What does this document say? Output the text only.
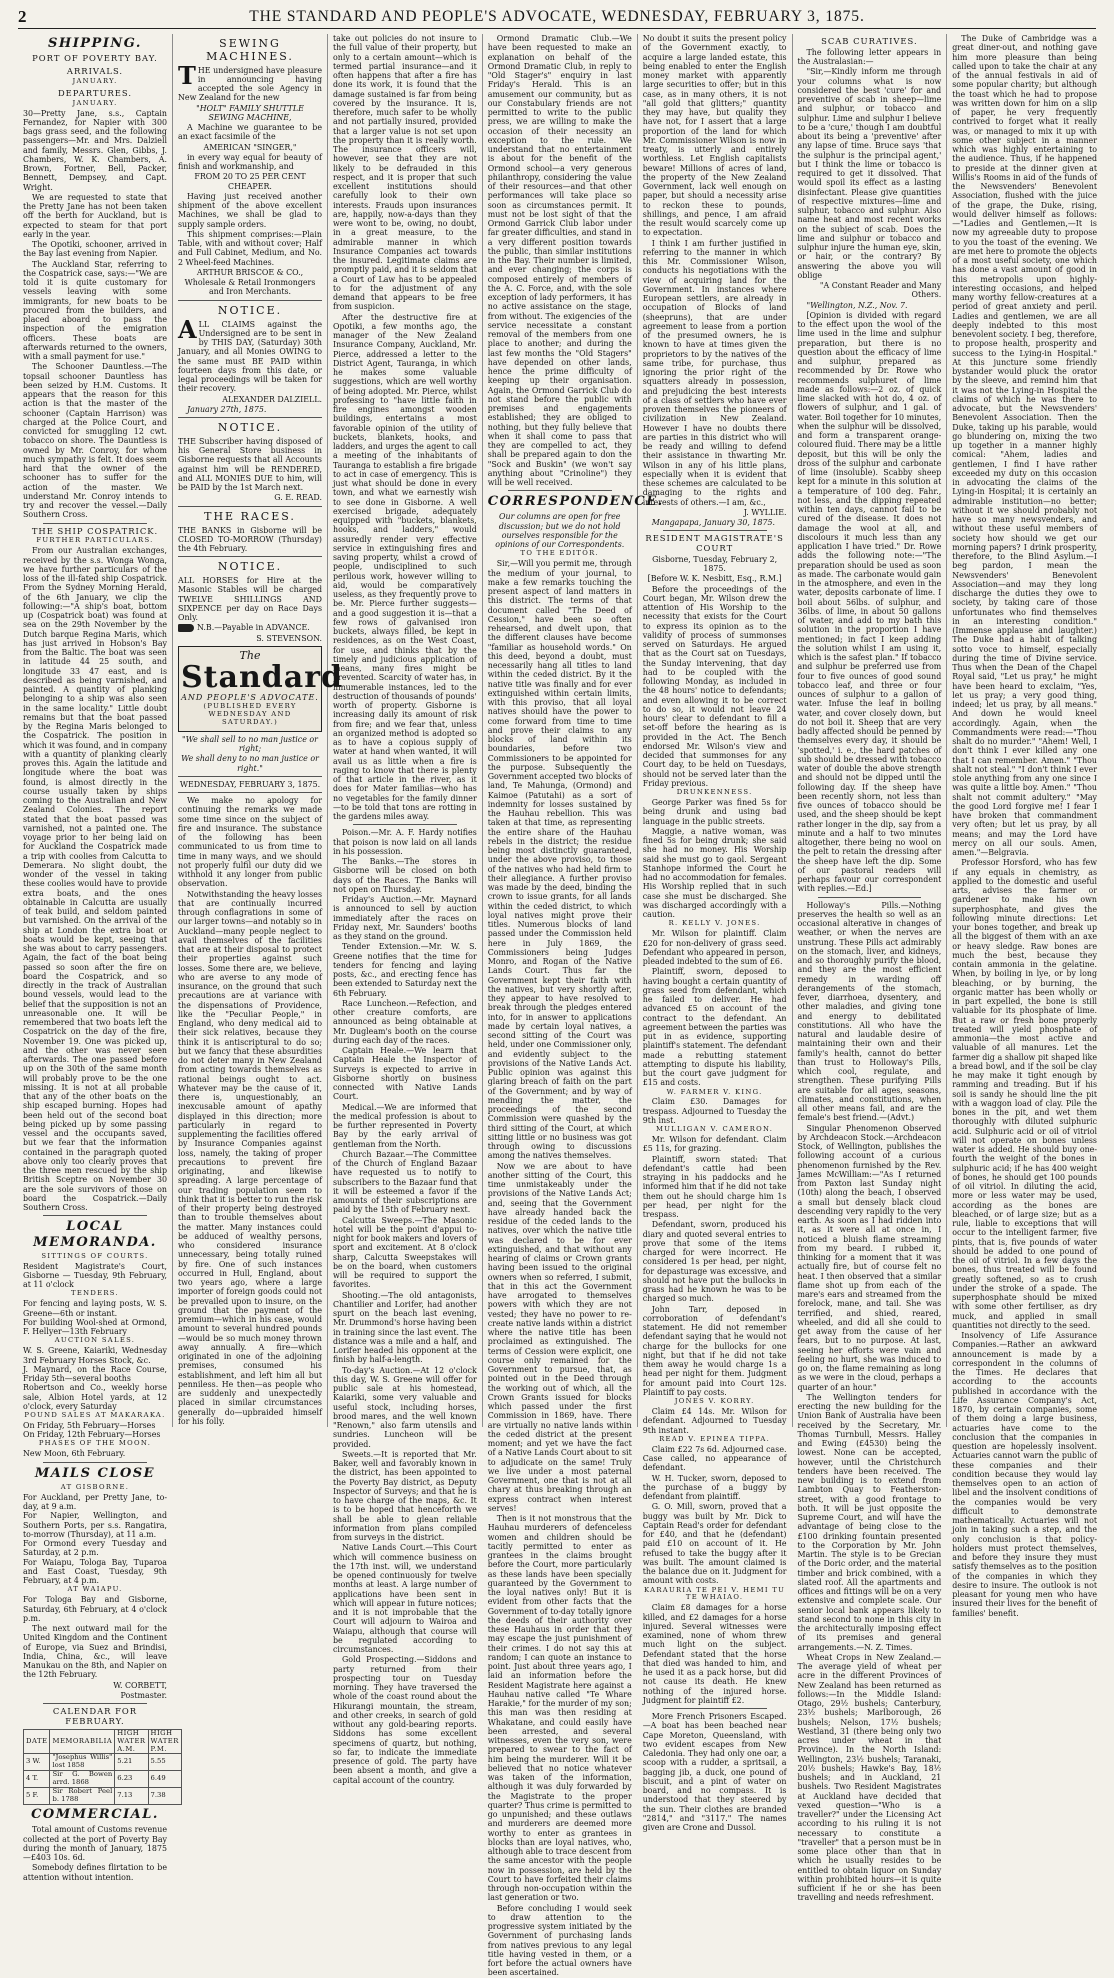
2	THE STANDARD AND PEOPLE'S ADVOCATE, WEDNESDAY, FEBRUARY 3, 1875.
SHIPPING.
PORT OF POVERTY BAY.
ARRIVALS.
JANUARY.
DEPARTURES.
JANUARY.

30—Pretty Jane, s.s., Captain Fernandez, for Napier with 300 bags grass seed, and the following passengers—Mr. and Mrs. Dalziell and family, Messrs. Glen, Gibbs, J. Chambers, W. K. Chambers, A. Brown, Fortner, Bell, Packer, Bennett, Dempsey, and Capt. Wright.

We are requested to state that the Pretty Jane has not been taken off the berth for Auckland, but is expected to steam for that port early in the year.

The Opotiki, schooner, arrived in the Bay last evening from Napier.

The Auckland Star, referring to the Cospatrick case, says:—"We are told it is quite customary for vessels leaving with some immigrants, for new boats to be procured from the builders, and placed aboard to pass the inspection of the emigration officers. These boats are afterwards returned to the owners, with a small payment for use."

The Schooner Dauntless.—The topsail schooner Dauntless has been seized by H.M. Customs. It appears that the reason for this action is that the master of the schooner (Captain Harrison) was charged at the Police Court, and convicted for smuggling 12 cwt. tobacco on shore. The Dauntless is owned by Mr. Conroy, for whom much sympathy is felt. It does seem hard that the owner of the schooner has to suffer for the action of the master. We understand Mr. Conroy intends to try and recover the vessel.—Daily Southern Cross.

THE SHIP COSPATRICK.
FURTHER PARTICULARS.

From our Australian exchanges, received by the s.s. Wonga Wonga, we have further particulars of the loss of the ill-fated ship Cospatrick. From the Sydney Morning Herald, of the 6th January, we clip the following:—"A ship's boat, bottom up (Cospatrick boat) was found at sea on the 29th November by the Dutch barque Regina Maris, which has just arrived in Hobson's Bay from the Baltic. The boat was seen in latitude 44 25 south, and longitude 33 47 east, and is described as being varnished, and painted. A quantity of planking belonging to a ship was also seen in the same locality." Little doubt remains but that the boat passed by the Regina Maris belonged to the Cospatrick. The position in which it was found, and in company with a quantity of planking clearly proves this. Again the latitude and longitude where the boat was found, is almost directly in the course usually taken by ships coming to the Australian and New Zealand Colonies. The report stated that the boat passed was varnished, not a painted one. The voyage prior to her being laid on for Auckland the Cospatrick made a trip with coolies from Calcutta to Demerara. No slight doubt, the wonder of the vessel in taking these coolies would have to provide extra boats, and the ones obtainable in Calcutta are usually of teak build, and seldom painted but varnished. On the arrival of the ship at London the extra boat or boats would be kept, seeing that she was about to carry passengers. Again, the fact of the boat being passed so soon after the fire on board the Cospatrick, and so directly in the track of Australian bound vessels, would lead to the belief that the supposition is not an unreasonable one. It will be remembered that two boats left the Cospatrick on the day of the fire, November 19. One was picked up, and the other was never seen afterwards. The one passed before up on the 30th of the same month will probably prove to be the one missing. It is not at all probable that any of the other boats on the ship escaped burning. Hopes had been held out of the second boat being picked up by some passing vessel and the occupants saved, but we fear that the information contained in the paragraph quoted above only too clearly proves that the three men rescued by the ship British Sceptre on November 30 are the sole survivors of those on board the Cospatrick.—Daily Southern Cross.

LOCAL MEMORANDA.
SITTINGS OF COURTS.

Resident Magistrate's Court, Gisborne — Tuesday, 9th February, at 11 o'clock

TENDERS.

For fencing and laying posts, W. S. Greene—6th or instant.
For building Wool-shed at Ormond, F. Hellyer—13th February

AUCTION SALES.

W. S. Greene, Kaiariki, Wednesday 3rd February Horses Stock, &c.
J. Maynard, on the Race Course, Friday 5th—several booths
Robertson and Co., weekly horse sale, Albion Hotel yards, at 12 o'clock, every Saturday

POUND SALES AT MAKARAKA.

On Friday, 5th February—Horses
On Friday, 12th February—Horses

PHASES OF THE MOON.

New Moon, 6th February.

MAILS CLOSE
AT GISBORNE.

For Auckland, per Pretty Jane, to-day, at 9 a.m.
For Napier, Wellington, and Southern Ports, per s.s. Rangatira, to-morrow (Thursday), at 11 a.m.
For Ormond every Tuesday and Saturday, at 2 p.m.
For Waiapu, Tologa Bay, Tuparoa and East Coast, Tuesday, 9th February, at 4 p.m.

AT WAIAPU.

For Tologa Bay and Gisborne, Saturday, 6th February, at 4 o'clock p.m.

The next outward mail for the United Kingdom and the Continent of Europe, via Suez and Brindisi, India, China, &c., will leave Manukau on the 8th, and Napier on the 12th February.

W. CORBETT,

Postmaster.

CALENDAR FOR FEBRUARY.
DATE	MEMORABILIA	HIGH WATER A.M.	HIGH WATER P.M.
3 W.	"Josephus Willis" lost 1858	5.21	5.55
4 T.	Sir G. Bowen arrd. 1868	6.23	6.49
5 F.	Sir Robert Peel b. 1788	7.13	7.38
COMMERCIAL.

Total amount of Customs revenue collected at the port of Poverty Bay during the month of January, 1875—£403 10s. 6d.

Somebody defines flirtation to be attention without intention.

SEWING MACHINES.

THE undersigned have pleasure in announcing having accepted the sole Agency in New Zealand for the new

"HOLT" FAMILY SHUTTLE SEWING MACHINE,

A Machine we guarantee to be an exact facsimile of the

AMERICAN "SINGER,"

in every way equal for beauty of finish and workmanship, and

FROM 20 TO 25 PER CENT CHEAPER.

Having just received another shipment of the above excellent Machines, we shall be glad to supply sample orders.

This shipment comprises:—Plain Table, with and without cover; Half and Full Cabinet, Medium, and No. 2 Wheel-feed Machines.

ARTHUR BRISCOE & CO.,

Wholesale & Retail Ironmongers and Iron Merchants.

NOTICE.

ALL CLAIMS against the Undersigned are to be sent in by THIS DAY, (Saturday) 30th January, and all Monies OWING to the same must BE PAID within fourteen days from this date, or legal proceedings will be taken for their recovery.

ALEXANDER DALZIELL.

January 27th, 1875.

NOTICE.

THE Subscriber having disposed of his General Store business in Gisborne requests that all Accounts against him will be RENDERED, and ALL MONIES DUE to him, will be PAID by the 1st March next.

G. E. READ.

THE RACES.

THE BANKS in Gisborne will be CLOSED TO-MORROW (Thursday) the 4th February.

NOTICE.

ALL HORSES for Hire at the Masonic Stables will be charged TWELVE SHILLINGS AND SIXPENCE per day on Race Days Only.

N.B.—Payable in ADVANCE.

S. STEVENSON.

The
Standard
AND PEOPLE'S ADVOCATE.
(PUBLISHED EVERY WEDNESDAY AND SATURDAY.)

"We shall sell to no man justice or right;

We shall deny to no man justice or right."

WEDNESDAY, FEBRUARY 3, 1875.

We make no apology for continuing the remarks we made some time since on the subject of fire and insurance. The substance of the following has been communicated to us from time to time in many ways, and we should not properly fulfil our duty did we withhold it any longer from public observation.

Notwithstanding the heavy losses that are continually incurred through conflagrations in some of our larger towns—and notably so in Auckland—many people neglect to avail themselves of the facilities that are at their disposal to protect their properties against such losses. Some there are, we believe, who are averse to any mode of insurance, on the ground that such precautions are at variance with the dispensations of Providence, like the "Peculiar People," in England, who deny medical aid to their sick relatives, because they think it is antiscriptural to do so; but we fancy that these absurdities do not deter many in New Zealand from acting towards themselves as rational beings ought to act. Whatever may be the cause of it, there is, unquestionably, an inexcusable amount of apathy displayed in this direction; more particularly in regard to supplementing the facilities offered by Insurance Companies against loss, namely, the taking of proper precautions to prevent fire originating, and likewise spreading. A large percentage of our trading population seem to think that it is better to run the risk of their property being destroyed than to trouble themselves about the matter. Many instances could be adduced of wealthy persons, who considered insurance unnecessary, being totally ruined by fire. One of such instances occurred in Hull, England, about two years ago, where a large importer of foreign goods could not be prevailed upon to insure, on the ground that the payment of the premium—which in his case, would amount to several hundred pounds—would be so much money thrown away annually. A fire—which originated in one of the adjoining premises, consumed his establishment, and left him all but penniless. He then—as people who are suddenly and unexpectedly placed in similar circumstances generally do—upbraided himself for his folly.

take out policies do not insure to the full value of their property, but only to a certain amount—which is termed partial insurance—and it often happens that after a fire has done its work, it is found that the damage sustained is far from being covered by the insurance. It is, therefore, much safer to be wholly and not partially insured, provided that a larger value is not set upon the property than it is really worth. The insurance officers will, however, see that they are not likely to be defrauded in this respect, and it is proper that such excellent institutions should carefully look to their own interests. Frauds upon insurances are, happily, now-a-days than they were wont to be, owing, no doubt, in a great measure, to the admirable manner in which Insurance Companies act towards the insured. Legitimate claims are promptly paid, and it is seldom that a Court of Law has to be appealed to for the adjustment of any demand that appears to be free from suspicion.

After the destructive fire at Opotiki, a few months ago, the manager of the New Zealand Insurance Company, Auckland, Mr. Pierce, addressed a letter to the District Agent, Tauranga, in which he makes some valuable suggestions, which are well worthy of being adopted. Mr. Pierce, whilst professing to "have little faith in fire engines amongst wooden buildings, entertains a most favorable opinion of the utility of buckets, blankets, hooks, and ladders, and urges the agent to call a meeting of the inhabitants of Tauranga to establish a fire brigade to act in case of emergency. This is just what should be done in every town, and what we earnestly wish to see done in Gisborne. A well exercised brigade, adequately equipped with "buckets, blankets, hooks, and ladders," would assuredly render very effective service in extinguishing fires and saving property, whilst a crowd of people, undisciplined to such perilous work, however willing to aid, would be comparatively useless, as they frequently prove to be. Mr. Pierce further suggests—and a good suggestion it is—that a few rows of galvanised iron buckets, always filled, be kept in residences, as on the West Coast, for use, and thinks that by the timely and judicious application of means, many fires might be prevented. Scarcity of water has, in innumerable instances, led to the destruction of thousands of pounds' worth of property. Gisborne is increasing daily its amount of risk from fire; and we fear that, unless an organized method is adopted so as to have a copious supply of water at hand when wanted, it will avail us as little when a fire is raging to know that there is plenty of that article in the river, as it does for Mater familias—who has no vegetables for the family dinner—to be told that tons are rotting in the gardens miles away.

Poison.—Mr. A. F. Hardy notifies that poison is now laid on all lands in his possession.

The Banks.—The stores in Gisborne will be closed on both days of the Races. The Banks will not open on Thursday.

Friday's Auction.—Mr. Maynard is announced to sell by auction immediately after the races on Friday next, Mr. Saunders' booths as they stand on the ground.

Tender Extension.—Mr. W. S. Greene notifies that the time for tenders for fencing and laying posts, &c., and erecting fence has been extended to Saturday next the 6th February.

Race Luncheon.—Refection, and other creature comforts, are announced as being obtainable at Mr. Dugleam's booth on the course during each day of the races.

Captain Heale.—We learn that Captain Heale the Inspector of Surveys is expected to arrive in Gisborne shortly on business connected with Native Lands Court.

Medical.—We are informed that the medical profession is about to be further represented in Poverty Bay by the early arrival of gentleman from the North.

Church Bazaar.—The Committee of the Church of England Bazaar have requested us to notify to subscribers to the Bazaar fund that it will be esteemed a favor if the amounts of their subscriptions are paid by the 15th of February next.

Calcutta Sweeps.—The Masonic hotel will be the point d'appui to-night for book makers and lovers of sport and excitement. At 8 o'clock sharp, Calcutta Sweepstakes will be on the board, when customers will be required to support the favorites.

Shooting.—The old antagonists, Chantilier and Lorifer, had another spurt on the beach last evening, Mr. Drummond's horse having been in training since the last event. The distance was a mile and a half, and Lorifer headed his opponent at the finish by half-a-length.

To-day's Auction.—At 12 o'clock this day, W. S. Greene will offer for public sale at his homestead, Kaiariki, some very valuable and useful stock, including horses, brood mares, and the well known "Renown," also farm utensils and sundries. Luncheon will be provided.

Sweets.—It is reported that Mr. Baker, well and favorably known in the district, has been appointed to the Poverty Bay district, as Deputy Inspector of Surveys; and that he is to have charge of the maps, &c. It is to be hoped that henceforth we shall be able to glean reliable information from plans compiled from surveys in the district.

Native Lands Court.—This Court which will commence business on the 17th inst. will, we understand be opened continuously for twelve months at least. A large number of applications have been sent in which will appear in future notices; and it is not improbable that the Court will adjourn to Wairoa and Waiapu, although that course will be regulated according to circumstances.

Gold Prospecting.—Siddons and party returned from their prospecting tour on Tuesday morning. They have traversed the whole of the coast round about the Hikurangi mountain, the stream, and other creeks, in search of gold without any gold-bearing reports. Siddons has some excellent specimens of quartz, but nothing, so far, to indicate the immediate presence of gold. The party have been absent a month, and give a capital account of the country.

Ormond Dramatic Club.—We have been requested to make an explanation on behalf of the Ormond Dramatic Club, in reply to "Old Stager's" enquiry in last Friday's Herald. This is an amusement our community, but as our Constabulary friends are not permitted to write to the public press, we are willing to make the occasion of their necessity an exception to the rule. We understand that no entertainment is about for the benefit of the Ormond school—a very generous philanthropy, considering the value of their resources—and that other performances will take place so soon as circumstances permit. It must not be lost sight of that the Ormond Garrick Club labor under far greater difficulties, and stand in a very different position towards the public, than similar institutions in the Bay. Their number is limited, and ever changing; the corps is composed entirely of members of the A. C. Force, and, with the sole exception of lady performers, it has no active assistance on the stage, from without. The exigencies of the service necessitate a constant removal of the members from one place to another; and during the last few months the "Old Stagers" have depended on other lands, hence the prime difficulty of keeping up their organisation. Again, the Ormond Garrick Club do not stand before the public with premises and engagements established; they are obliged to nothing, but they fully believe that when it shall come to pass that they are compelled to act, they shall be prepared again to don the "Sock and Buskin" (we won't say anything about "Crinoline") they will be well received.

CORRESPONDENCE.

Our columns are open for free discussion; but we do not hold ourselves responsible for the opinions of our Correspondents.

TO THE EDITOR.

Sir,—Will you permit me, through the medium of your journal, to make a few remarks touching the present aspect of land matters in this district. The terms of that document called "The Deed of Cession," have been so often rehearsed, and dwelt upon, that the different clauses have become "familiar as household words." On this deed, beyond a doubt, must necessarily hang all titles to land within the ceded district. By it the native title was finally and for ever extinguished within certain limits, with this proviso, that all loyal natives should have the power to come forward from time to time and prove their claims to any blocks of land within its boundaries, before two Commissioners to be appointed for the purpose. Subsequently the Government accepted two blocks of land, Te Mahunga, (Ormond) and Kaimoe (Patutahi) as a sort of indemnity for losses sustained by the Hauhau rebellion. This was taken at that time, as representing the entire share of the Hauhau rebels in the district; the residue being most distinctly guaranteed, under the above proviso, to those of the natives who had held firm to their allegiance. A further proviso was made by the deed, binding the crown to issue grants, for all lands within the ceded district, to which loyal natives might prove their titles. Numerous blocks of land passed under the Commission held here in July 1869, the Commissioners being Judges Monro, and Rogan of the Native Lands Court. Thus far the Government kept their faith with the natives, but very shortly after, they appear to have resolved to break through the pledges entered into, for in answer to applications made by certain loyal natives, a second sitting of the Court was held, under one Commissioner only, and evidently subject to the provisions of the Native Lands Act. Public opinion was against this glaring breach of faith on the part of the Government; and by way of mending the matter, the proceedings of the second Commission were quashed by the third sitting of the Court, at which sitting little or no business was got through owing to discussions among the natives themselves.

Now we are about to have another sitting of the Court, this time unmistakeably under the provisions of the Native Lands Act; and, seeing that the Government have already handed back the residue of the ceded lands to the natives, over which the native title was declared to be for ever extinguished, and that without any hearing of claims or Crown grants having been issued to the original owners when so referred, I submit, that in this act the Government have arrogated to themselves powers with which they are not vested; they have no power to re-create native lands within a district where the native title has been proclaimed as extinguished. The terms of Cession were explicit, one course only remained for the Government to pursue, that, as pointed out in the Deed through the working out of which, all the Crown Grants issued for blocks which passed under the first Commission in 1869, have. There are virtually no native lands within the ceded district at the present moment; and yet we have the fact of a Native Lands Court about to sit to adjudicate on the same! Truly we live under a most paternal Government, one that is not at all chary at thus breaking through an express contract when interest serves!

Then is it not monstrous that the Hauhau murderers of defenceless women and children should be tacitly permitted to enter as grantees in the claims brought before the Court, more particularly as these lands have been specially guaranteed by the Government to the loyal natives only! But it is evident from other facts that the Government of to-day totally ignore the deeds of their authority over these Hauhaus in order that they may escape the just punishment of their crimes. I do not say this at random; I can quote an instance to point. Just about three years ago, I laid an information before the Resident Magistrate here against a Hauhau native called "Te Whare Harakie," for the murder of my son; this man was then residing at Whakatane, and could easily have been arrested, and several witnesses, even the very son, were prepared to swear to the fact of him being the murderer. Will it be believed that no notice whatever was taken of the information, although it was duly forwarded by the Magistrate to the proper quarter? Thus crime is permitted to go unpunished; and these outlaws and murderers are deemed more worthy to enter as grantees in blocks than are loyal natives, who, although able to trace descent from the same ancestor with the people now in possession, are held by the Court to have forfeited their claims through non-occupation within the last generation or two.

Before concluding I would seek to draw attention to the progressive system initiated by the Government of purchasing lands from natives previous to any legal title having vested in them, or a fort before the actual owners have been ascertained.

No doubt it suits the present policy of the Government exactly, to acquire a large landed estate, this being enabled to enter the English money market with apparently large securities to offer; but in this case, as in many others, it is not "all gold that glitters;" quantity they may have, but quality they have not, for I assert that a large proportion of the land for which Mr. Commissioner Wilson is now in treaty, is utterly and entirely worthless. Let English capitalists beware! Millions of acres of land, the property of the New Zealand Government, lack well enough on paper, but should a necessity arise to reckon these to pounds, shillings, and pence, I am afraid the result would scarcely come up to expectation.

I think I am further justified in referring to the manner in which this Mr. Commissioner Wilson, conducts his negotiations with the view of acquiring land for the Government. In instances where European settlers, are already in occupation of Blocks of land (sheepruns), that are under agreement to lease from a portion of the presumed owners, he is known to have at times given the proprietors to by the natives of the same tribe, for purchase, thus ignoring the prior right of the squatters already in possession, and prejudicing the best interests of a class of settlers who have ever proven themselves the pioneers of civilization in New Zealand. However I have no doubts there are parties in this district who will be ready and willing to defend their assistance in thwarting Mr. Wilson in any of his little plans, especially when it is evident that these schemes are calculated to be damaging to the rights and interests of others.—I am, &c.,

J. WYLLIE.

Mangapapa, January 30, 1875.

RESIDENT MAGISTRATE'S COURT

Gisborne, Tuesday, February 2, 1875.

[Before W. K. Nesbitt, Esq., R.M.]

Before the proceedings of the Court began, Mr. Wilson drew the attention of His Worship to the necessity that exists for the Court to express its opinion as to the validity of process of summonses served on Saturdays. He argued that as the Court sat on Tuesdays, the Sunday intervening, that day had to be coupled with the following Monday, as included in the 48 hours' notice to defendants; and even allowing it to be correct to do so, it would not leave 24 hours' clear to defendant to fill a set-off before the hearing as is provided in the Act. The Bench endorsed Mr. Wilson's view and decided that summonses for any Court day, to be held on Tuesdays, should not be served later than the Friday previous.

DRUNKENNESS.

George Parker was fined 5s for being drunk and using bad language in the public streets.

Maggie, a native woman, was fined 5s for being drunk; she said she had no money. His Worship said she must go to gaol. Sergeant Stanhope informed the Court he had no accommodation for females. His Worship replied that in such case she must be discharged. She was discharged accordingly with a caution.

R. KELLY V. JONES.

Mr. Wilson for plaintiff. Claim £20 for non-delivery of grass seed. Defendant who appeared in person, pleaded indebted to the sum of £6.

Plaintiff, sworn, deposed to having bought a certain quantity of grass seed from defendant, which he failed to deliver. He had advanced £5 on account of the contract to the defendant. An agreement between the parties was put in as evidence, supporting plaintiff's statement. The defendant made a rebutting statement attempting to dispute his liability, but the court gave judgment for £15 and costs.

W. FARMER V. KING.

Claim £30. Damages for trespass. Adjourned to Tuesday the 9th inst.

MULLIGAN V. CAMERON.

Mr. Wilson for defendant. Claim £5 11s, for grazing.

Plaintiff, sworn stated: That defendant's cattle had been straying in his paddocks and he informed him that if he did not take them out he should charge him 1s per head, per night for the trespass.

Defendant, sworn, produced his diary and quoted several entries to prove that some of the items charged for were incorrect. He considered 1s per head, per night, for depasturage was excessive, and should not have put the bullocks in grass had he known he was to be charged so much.

John Tarr, deposed in corroboration of defendant's statement. He did not remember defendant saying that he would not charge for the bullocks for one night, but that if he did not take them away he would charge 1s a head per night for them. Judgment for amount paid into Court 12s. Plaintiff to pay costs.

JONES V. KORRY.

Claim £4 14s. Mr. Wilson for defendant. Adjourned to Tuesday 9th instant.

READ V. EPINEA TIPPA.

Claim £22 7s 6d. Adjourned case. Case called, no appearance of defendant.

W. H. Tucker, sworn, deposed to the purchase of a buggy by defendant from plaintiff.

G. O. Mill, sworn, proved that a buggy was built by Mr. Dick to Captain Read's order for defendant for £40, and that he (defendant) paid £10 on account of it. He refused to take the buggy after it was built. The amount claimed is the balance due on it. Judgment for amount with costs.

KARAURIA TE PEI V. HEMI TU TE WHAIAO.

Claim £8 damages for a horse killed, and £2 damages for a horse injured. Several witnesses were examined, none of whom threw much light on the subject. Defendant stated that the horse that died was handed to him, and he used it as a pack horse, but did not cause its death. He knew nothing of the injured horse. Judgment for plaintiff £2.

More French Prisoners Escaped.—A boat has been beached near Cape Moreton, Queensland, with two evident escapes from New Caledonia. They had only one oar, a scoop with a rudder, a spritsail, a bagging jib, a duck, one pound of biscuit, and a pint of water on board, and no compass. It is understood that they steered by the sun. Their clothes are branded "2814," and "3117." The names given are Crone and Dussol.

SCAB CURATIVES.

The following letter appears in the Australasian:—

"Sir,—Kindly inform me through your columns what is now considered the best 'cure' for and preventive of scab in sheep—lime and sulphur, or tobacco and sulphur. Lime and sulphur I believe to be a 'cure,' though I am doubtful about its being a 'preventive' after any lapse of time. Bruce says 'that the sulphur is the principal agent,' but I think the lime or tobacco is required to get it dissolved. That would spoil its effect as a lasting disinfectant. Please give quantities of respective mixtures—lime and sulphur, tobacco and sulphur. Also name heat and most recent works on the subject of scab. Does the lime and sulphur or tobacco and sulphur injure the human eye, skin, or hair, or the contrary? By answering the above you will oblige

"A Constant Reader and Many Others.

"Wellington, N.Z., Nov. 7.

[Opinion is divided with regard to the effect upon the wool of the lime used in the lime and sulphur preparation, but there is no question about the efficacy of lime and sulphur, prepared as recommended by Dr. Rowe who recommends sulphuret of lime made as follows:—2 oz. of quick lime slacked with hot do, 4 oz. of flowers of sulphur, and 1 gal. of water. Boil together for 10 minutes, when the sulphur will be dissolved, and form a transparent orange-coloured fluid. There may be a little deposit, but this will be only the dross of the sulphur and carbonate of lime (insoluble). Scabby sheep kept for a minute in this solution at a temperature of 100 deg. Fahr., not less, and the dipping repeated within ten days, cannot fail to be cured of the disease. It does not damage the wool at all, and discolours it much less than any application I have tried." Dr. Rowe adds the following note:—"The preparation should be used as soon as made. The carbonate would gain in the atmosphere, and even in the water, deposits carbonate of lime. I boil about 56lbs. of sulphur, and 36lbs. of lime, in about 50 gallons of water, and add to my bath this solution in the proportion I have mentioned; in fact I keep adding the solution whilst I am using it, which is the safest plan." If tobacco and sulphur be preferred use from four to five ounces of good sound tobacco leaf, and three or four ounces of sulphur to a gallon of water. Infuse the leaf in boiling water, and cover closely down, but do not boil it. Sheep that are very badly affected should be penned by themselves every day, it should be 'spotted,' i. e., the hard patches of sub should be dressed with tobacco water of double the above strength and should not be dipped until the following day. If the sheep have been recently shorn, not less than five ounces of tobacco should be used, and the sheep should be kept rather longer in the dip, say from a minute and a half to two minutes altogether, there being no wool on the pelt to retain the dressing after the sheep have left the dip. Some of our pastoral readers will perhaps favour our correspondent with replies.—Ed.]

Holloway's Pills.—Nothing preserves the health so well as an occasional alterative in changes of weather, or when the nerves are unstrung. These Pills act admirably on the stomach, liver, and kidneys, and so thoroughly purify the blood, and they are the most efficient remedy in warding off derangements of the stomach, fever, diarrhoea, dysentery, and other maladies, and giving tone and energy to debilitated constitutions. All who have the natural and laudable desire of maintaining their own and their family's health, cannot do better than trust to Holloway's Pills, which cool, regulate, and strengthen. These purifying Pills are suitable for all ages, seasons, climates, and constitutions, when all other means fail, and are the female's best friend.—(Advt.)

Singular Phenomenon Observed by Archdeacon Stock.—Archdeacon Stock, of Wellington, publishes the following account of a curious phenomenon furnished by the Rev. James McWilliam:—"As I returned from Paxton last Sunday night (10th) along the beach, I observed a small but densely black cloud descending very rapidly to the very earth. As soon as I had ridden into it, as it were all at once in, I noticed a bluish flame streaming from my beard. I rubbed it, thinking for a moment that it was actually fire, but of course felt no heat. I then observed that a similar flame shot up from each of the mare's ears and streamed from the forelock, mane, and tail. She was terrified, and shied, reared, wheeled, and did all she could to get away from the cause of her fears, but to no purpose. At last, seeing her efforts were vain and feeling no hurt, she was induced to go on, the flame remaining as long as we were in the cloud, perhaps a quarter of an hour."

The Wellington tenders for erecting the new building for the Union Bank of Australia have been received by the Secretary, Mr. Thomas Turnbull, Messrs. Halley and Ewing (£4530) being the lowest. None can be accepted, however, until the Christchurch tenders have been received. The new building is to extend from Lambton Quay to Featherston-street, with a good frontage to both. It will be just opposite the Supreme Court, and will have the advantage of being close to the £100 drinking fountain presented to the Corporation by Mr. John Martin. The style is to be Grecian of the Doric order, and the material timber and brick combined, with a slated roof. All the apartments and offices and fittings will be on a very extensive and complete scale. Our senior local bank appears likely to stand second to none in this city in the architecturally imposing effect of its premises and general arrangements.—N. Z. Times.

Wheat Crops in New Zealand.—The average yield of wheat per acre in the different Provinces of New Zealand has been returned as follows:—In the Middle Island: Otago, 29½ bushels; Canterbury, 23½ bushels; Marlborough, 26 bushels; Nelson, 17½ bushels; Westland, 31 (there being only two acres under wheat in that Province). In the North Island: Wellington, 23½ bushels; Taranaki, 20½ bushels; Hawke's Bay, 18½ bushels; and in Auckland, 21 bushels. Two Resident Magistrates at Auckland have decided that vexed question—"Who is a traveller?" under the Licensing Act according to his ruling it is not necessary to constitute a "traveller" that a person must be in some place other than that in which he usually resides to be entitled to obtain liquor on Sunday within prohibited hours—it is quite sufficient if he or she has been travelling and needs refreshment.

The Duke of Cambridge was a great diner-out, and nothing gave him more pleasure than being called upon to take the chair at any of the annual festivals in aid of some popular charity; but although the toast which he had to propose was written down for him on a slip of paper, he very frequently contrived to forget what it really was, or managed to mix it up with some other subject in a manner which was highly entertaining to the audience. Thus, if he happened to preside at the dinner given at Willis's Rooms in aid of the funds of the Newsvenders' Benevolent Association, flushed with the juice of the grape, the Duke, rising, would deliver himself as follows:—"Ladies and Gentlemen,—It is now my agreeable duty to propose to you the toast of the evening. We are met here to promote the objects of a most useful society, one which has done a vast amount of good in this metropolis upon highly-interesting occasions, and helped many worthy fellow-creatures at a period of great anxiety and peril. Ladies and gentlemen, we are all deeply indebted to this most benevolent society. I beg, therefore, to propose health, prosperity and success to the Lying-in Hospital." At this juncture some friendly bystander would pluck the orator by the sleeve, and remind him that it was not the Lying-in Hospital the claims of which he was there to advocate, but the Newsvenders' Benevolent Association. Then the Duke, taking up his parable, would go blundering on, mixing the two up together in a manner highly comical: "Ahem, ladies and gentlemen, I find I have rather exceeded my duty on this occasion in advocating the claims of the Lying-in Hospital; it is certainly an admirable institution—no better; without it we should probably not have so many newsvenders, and without these useful members of society how should we get our morning papers? I drink prosperity, therefore, to the Blind Asylum.—I beg pardon, I mean the Newsvenders' Benevolent Association—and may they long discharge the duties they owe to society, by taking care of those unfortunates who find themselves in an interesting condition." (Immense applause and laughter.) The Duke had a habit of talking sotto voce to himself, especially during the time of Divine service. Thus when the Dean of the Chapel Royal said, "Let us pray," he might have been heard to exclaim, "Yes, let us pray; a very good thing, indeed; let us pray, by all means." And down he would kneel accordingly. Again, when the Commandments were read:—"Thou shalt do no murder." "Ahem! Well, I don't think I ever killed any one that I can remember. Amen." "Thou shalt not steal." "I don't think I ever stole anything from any one since I was quite a little boy. Amen." "Thou shalt not commit adultery." "May the good Lord forgive me! I fear I have broken that commandment very often; but let us pray, by all means; and may the Lord have mercy on all our souls. Amen, amen."—Belgravia.

Professor Horsford, who has few if any equals in chemistry, as applied to the domestic and useful arts, advises the farmer or gardener to make his own superphosphate, and gives the following minute directions: Let your bones together, and break up all the biggest of them with an axe or heavy sledge. Raw bones are much the best, because they contain ammonia in the gelatine. When, by boiling in lye, or by long bleaching, or by burning, the organic matter has been wholly or in part expelled, the bone is still valuable for its phosphate of lime. But a raw or fresh bone properly treated will yield phosphate of ammonia—the most active and valuable of all manures. Let the farmer dig a shallow pit shaped like a bread bowl, and if the soil be clay he may make it tight enough by ramming and treading. But if his soil is sandy he should line the pit with a waggon load of clay. Pile the bones in the pit, and wet them thoroughly with diluted sulphuric acid. Sulphuric acid or oil of vitriol will not operate on bones unless water is added. He should buy one-fourth the weight of the bones in sulphuric acid; if he has 400 weight of bones, he should get 100 pounds of oil vitriol. In diluting the acid, more or less water may be used, according as the bones are bleached, or of large size; but as a rule, liable to exceptions that will occur to the intelligent farmer, five pints, that is, five pounds of water should be added to one pound of the oil of vitriol. In a few days the bones, thus treated will be found greatly softened, so as to crush under the stroke of a spade. The superphosphate should be mixed with some other fertiliser, as dry muck, and applied in small quantities not directly to the seed.

Insolvency of Life Assurance Companies.—Rather an awkward announcement is made by a correspondent in the columns of the Times. He declares that according to the accounts published in accordance with the Life Assurance Company's Act, 1870, by certain companies, some of them doing a large business, actuaries have come to the conclusion that the companies in question are hopelessly insolvent. Actuaries cannot warn the public of these companies and their condition because they would lay themselves open to an action of libel and the insolvent conditions of the companies would be very difficult to demonstrate mathematically. Actuaries will not join in taking such a step, and the only conclusion is that policy-holders must protect themselves, and before they insure they must satisfy themselves as to the position of the companies in which they desire to insure. The outlook is not pleasant for young men who have insured their lives for the benefit of families' benefit.
